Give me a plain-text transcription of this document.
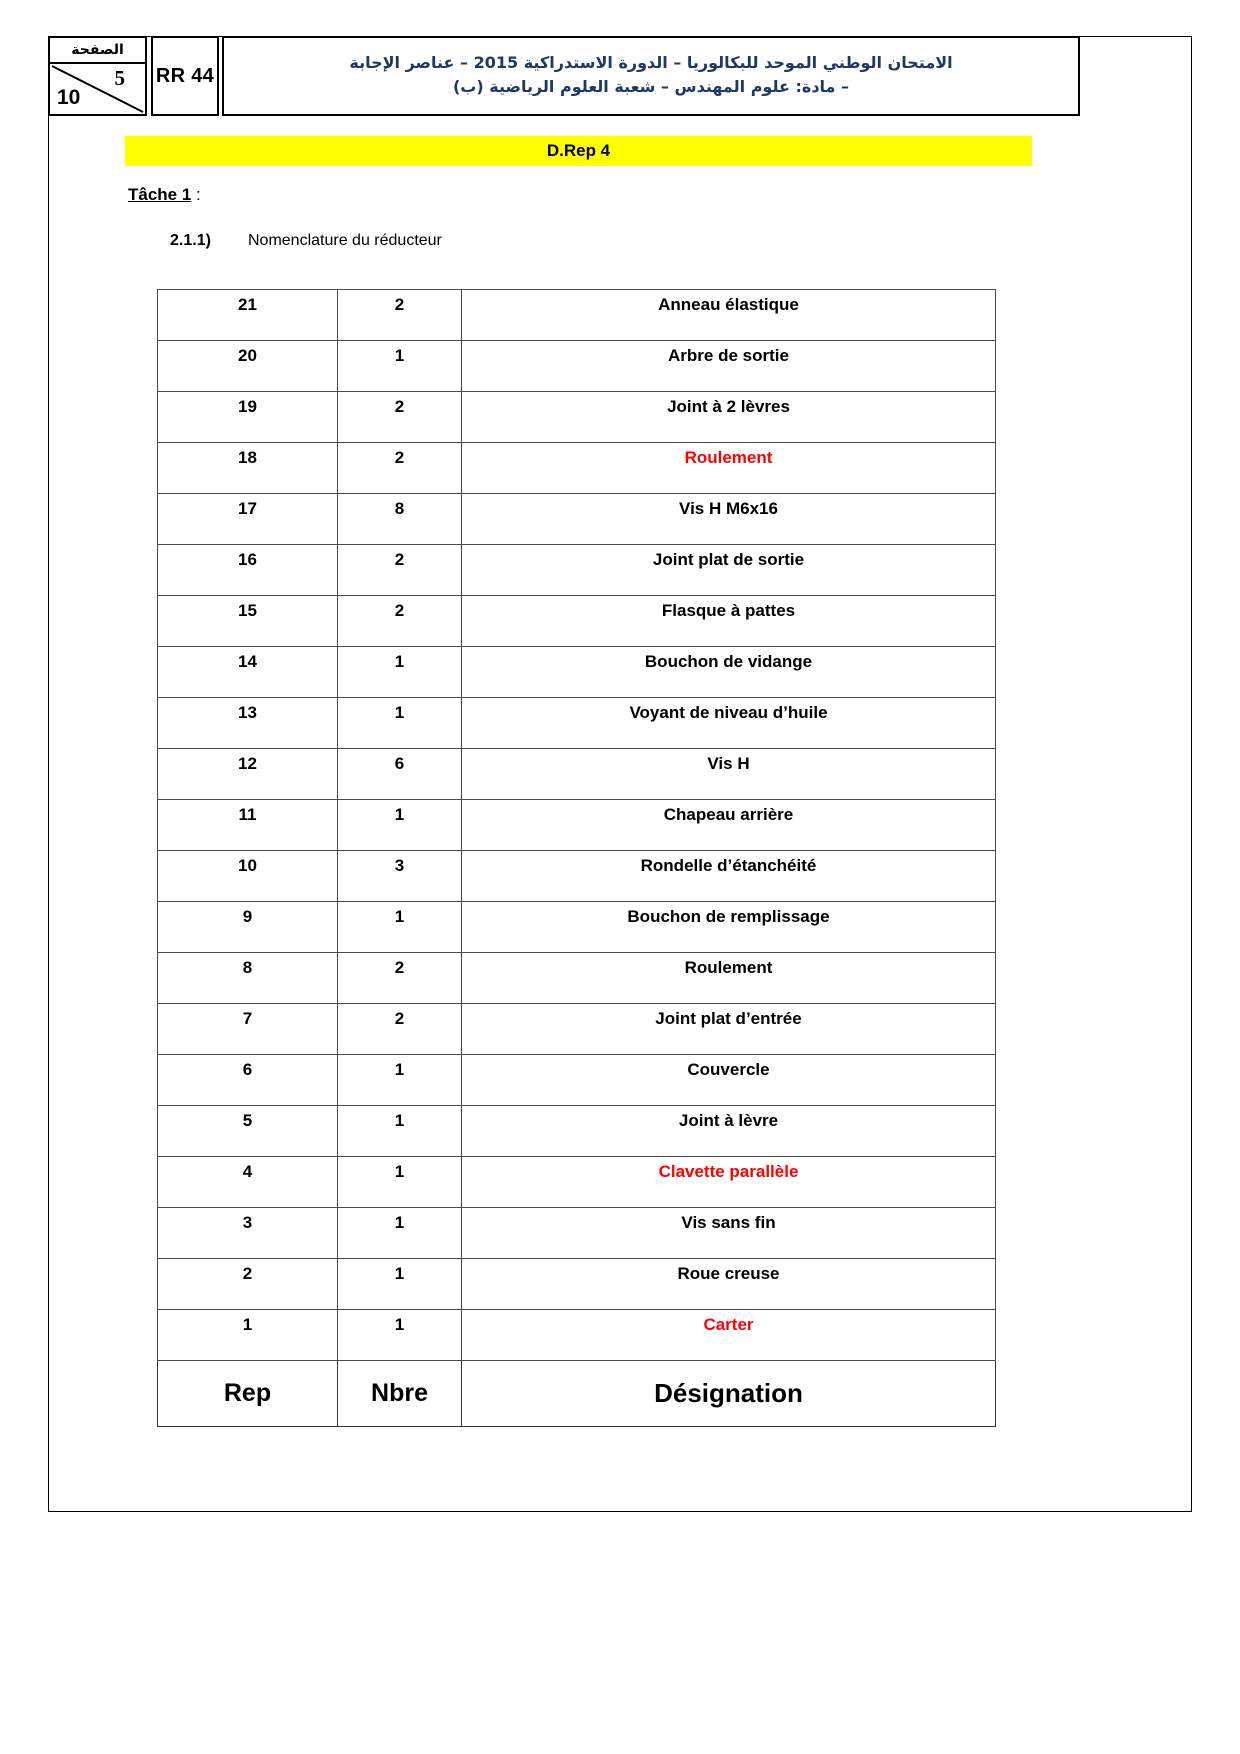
الصفحة
5
10
RR 44
الامتحان الوطني الموحد للبكالوريا – الدورة الاستدراكية 2015 – عناصر الإجابة
– مادة: علوم المهندس – شعبة العلوم الرياضية (ب)
D.Rep 4
Tâche 1 :
2.1.1)	Nomenclature du réducteur
21	2	Anneau élastique
20	1	Arbre de sortie
19	2	Joint à 2 lèvres
18	2	Roulement
17	8	Vis H M6x16
16	2	Joint plat de sortie
15	2	Flasque à pattes
14	1	Bouchon de vidange
13	1	Voyant de niveau d’huile
12	6	Vis H
11	1	Chapeau arrière
10	3	Rondelle d’étanchéité
9	1	Bouchon de remplissage
8	2	Roulement
7	2	Joint plat d’entrée
6	1	Couvercle
5	1	Joint à lèvre
4	1	Clavette parallèle
3	1	Vis sans fin
2	1	Roue creuse
1	1	Carter
Rep	Nbre	Désignation
